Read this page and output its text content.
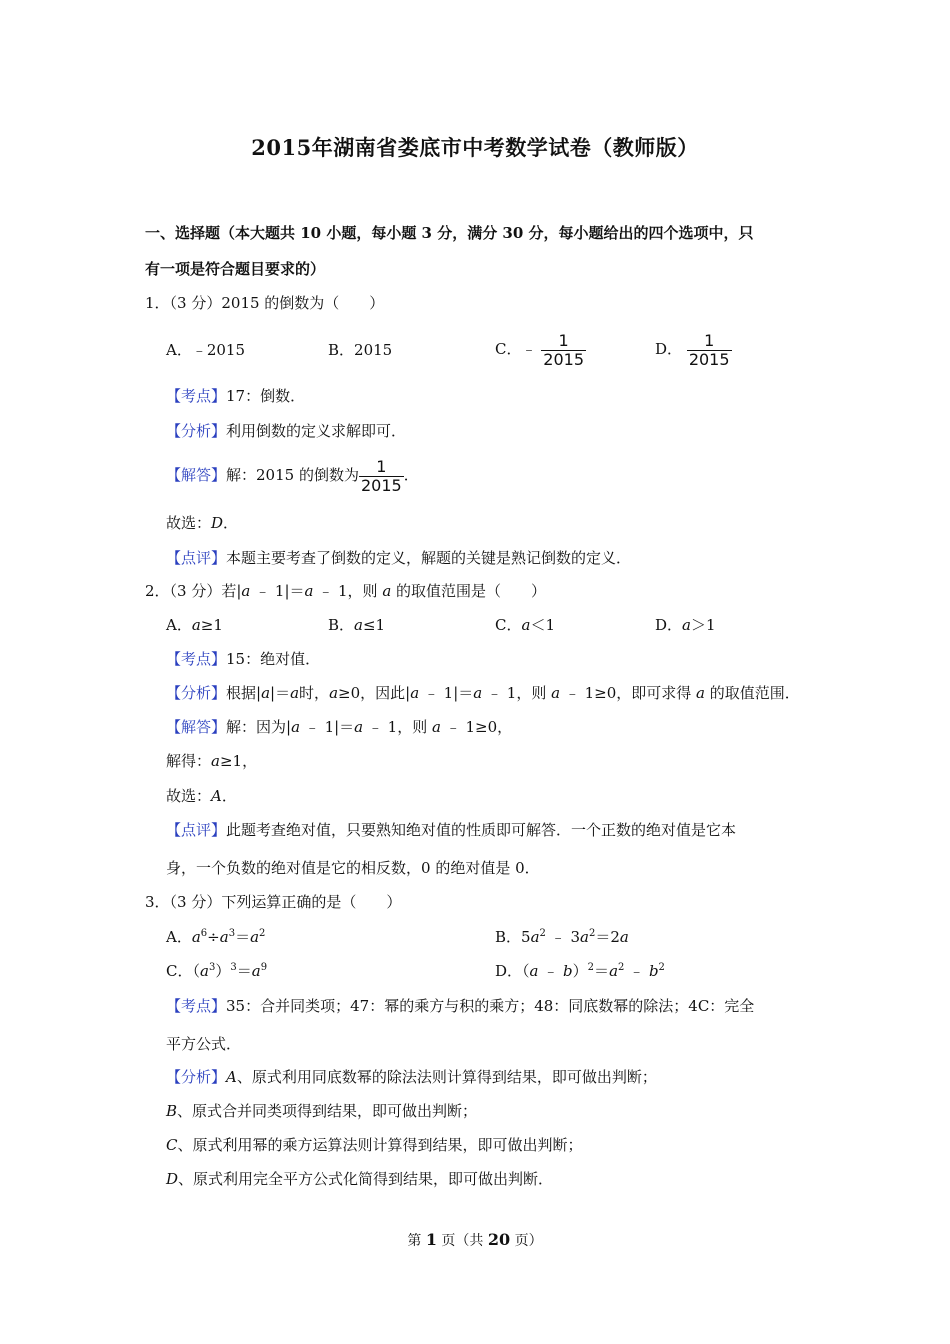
2015年湖南省娄底市中考数学试卷（教师版）
一、选择题（本大题共 10 小题，每小题 3 分，满分 30 分，每小题给出的四个选项中，只
有一项是符合题目要求的）
1．（3 分）2015 的倒数为（　　）
A．﹣2015	B．2015	C．﹣ $\frac{1}{2015}$	D． $\frac{1}{2015}$
【考点】17：倒数．
【分析】利用倒数的定义求解即可．
【解答】解：2015 的倒数为 $\frac{1}{2015}$ ．
故选：D．
【点评】本题主要考查了倒数的定义，解题的关键是熟记倒数的定义．
2．（3 分）若|a ﹣ 1|＝a ﹣ 1，则 a 的取值范围是（　　）
A．a≥1	B．a≤1	C．a＜1	D．a＞1
【考点】15：绝对值．
【分析】根据|a|＝a时，a≥0，因此|a ﹣ 1|＝a ﹣ 1，则 a ﹣ 1≥0，即可求得 a 的取值范围．
【解答】解：因为|a ﹣ 1|＝a ﹣ 1，则 a ﹣ 1≥0，
解得：a≥1，
故选：A．
【点评】此题考查绝对值，只要熟知绝对值的性质即可解答．一个正数的绝对值是它本
身，一个负数的绝对值是它的相反数，0 的绝对值是 0．
3．（3 分）下列运算正确的是（　　）
A．$a^6\div a^3=a^2$	B．$5a^2$ ﹣ $3a^2=2a$
C．$(a^3)^3=a^9$	D．（a ﹣ $b)^2=a^2$ ﹣ $b^2$
【考点】35：合并同类项；47：幂的乘方与积的乘方；48：同底数幂的除法；4C：完全
平方公式．
【分析】A、原式利用同底数幂的除法法则计算得到结果，即可做出判断；
B、原式合并同类项得到结果，即可做出判断；
C、原式利用幂的乘方运算法则计算得到结果，即可做出判断；
D、原式利用完全平方公式化简得到结果，即可做出判断．
第 1 页（共 20 页）
